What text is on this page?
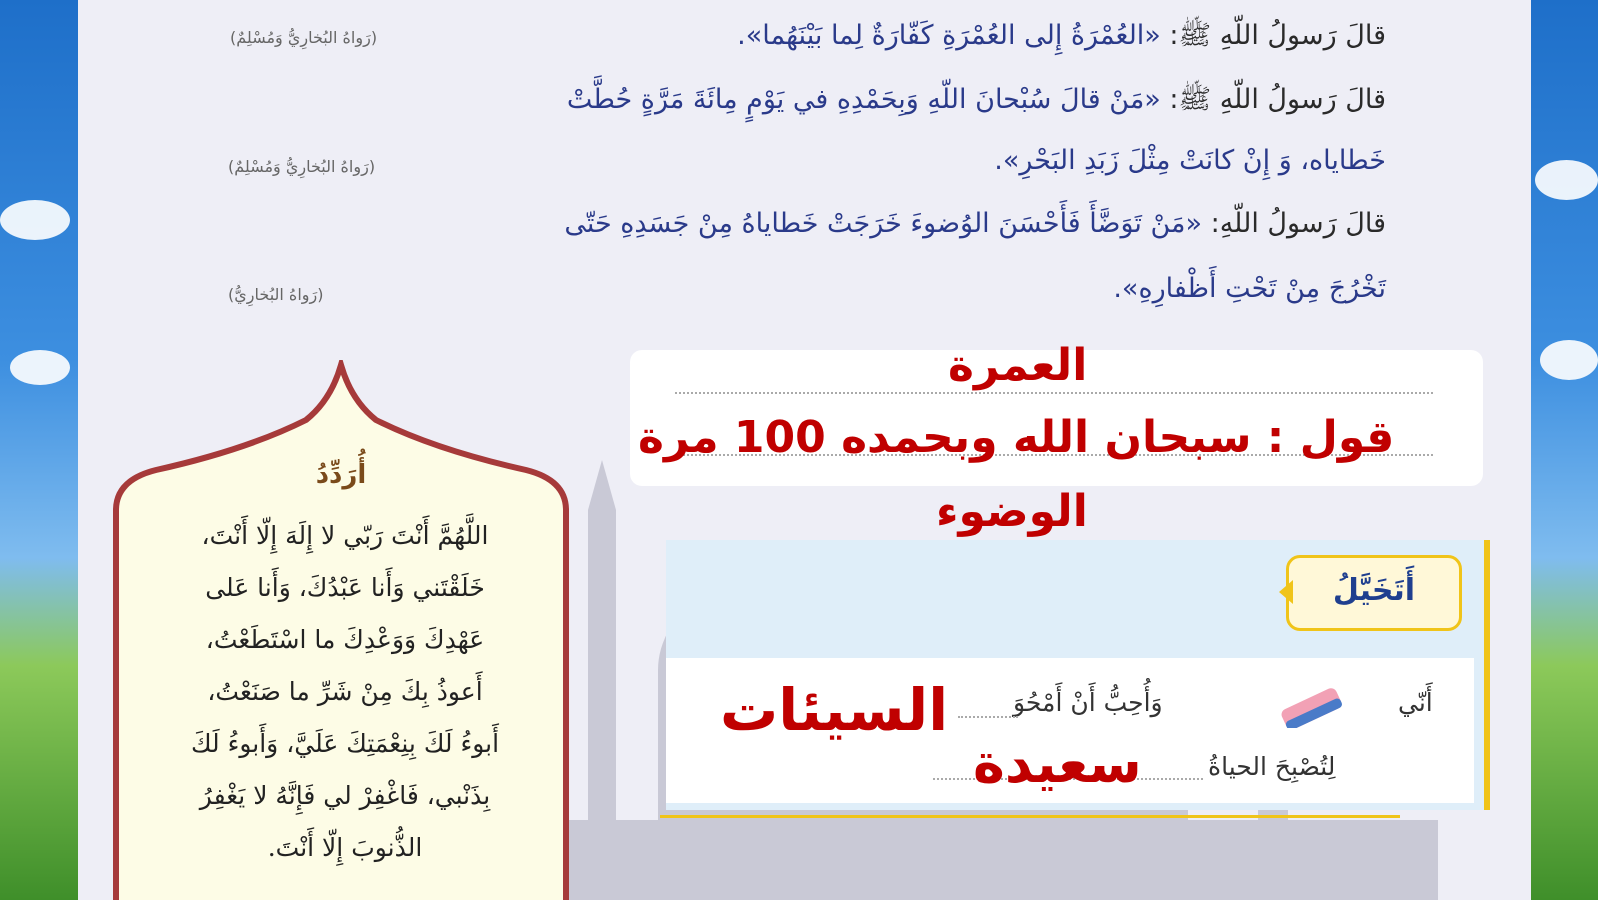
قالَ رَسولُ اللّهِ ﷺ: «العُمْرَةُ إِلى العُمْرَةِ كَفّارَةٌ لِما بَيْنَهُما».
(رَواهُ البُخارِيُّ وَمُسْلِمٌ)
قالَ رَسولُ اللّهِ ﷺ: «مَنْ قالَ سُبْحانَ اللّهِ وَبِحَمْدِهِ في يَوْمٍ مِائَةَ مَرَّةٍ حُطَّتْ
خَطاياه، وَ إِنْ كانَتْ مِثْلَ زَبَدِ البَحْرِ».
(رَواهُ البُخارِيُّ وَمُسْلِمٌ)
قالَ رَسولُ اللّهِ: «مَنْ تَوَضَّأَ فَأَحْسَنَ الوُضوءَ خَرَجَتْ خَطاياهُ مِنْ جَسَدِهِ حَتّى
تَخْرُجَ مِنْ تَحْتِ أَظْفارِهِ».
(رَواهُ البُخارِيُّ)
العمرة
قول : سبحان الله وبحمده 100 مرة
الوضوء
أَتَخَيَّلُ
أَنّي
وَأُحِبُّ أَنْ أَمْحُوَ
لِتُصْبِحَ الحياةُ
السيئات
سعيدة
أُرَدِّدُ
اللَّهُمَّ أَنْتَ رَبّي لا إِلَهَ إِلّا أَنْتَ،
خَلَقْتَني وَأَنا عَبْدُكَ، وَأَنا عَلى
عَهْدِكَ وَوَعْدِكَ ما اسْتَطَعْتُ،
أَعوذُ بِكَ مِنْ شَرِّ ما صَنَعْتُ،
أَبوءُ لَكَ بِنِعْمَتِكَ عَلَيَّ، وَأَبوءُ لَكَ
بِذَنْبي، فَاغْفِرْ لي فَإِنَّهُ لا يَغْفِرُ
الذُّنوبَ إِلّا أَنْتَ.
